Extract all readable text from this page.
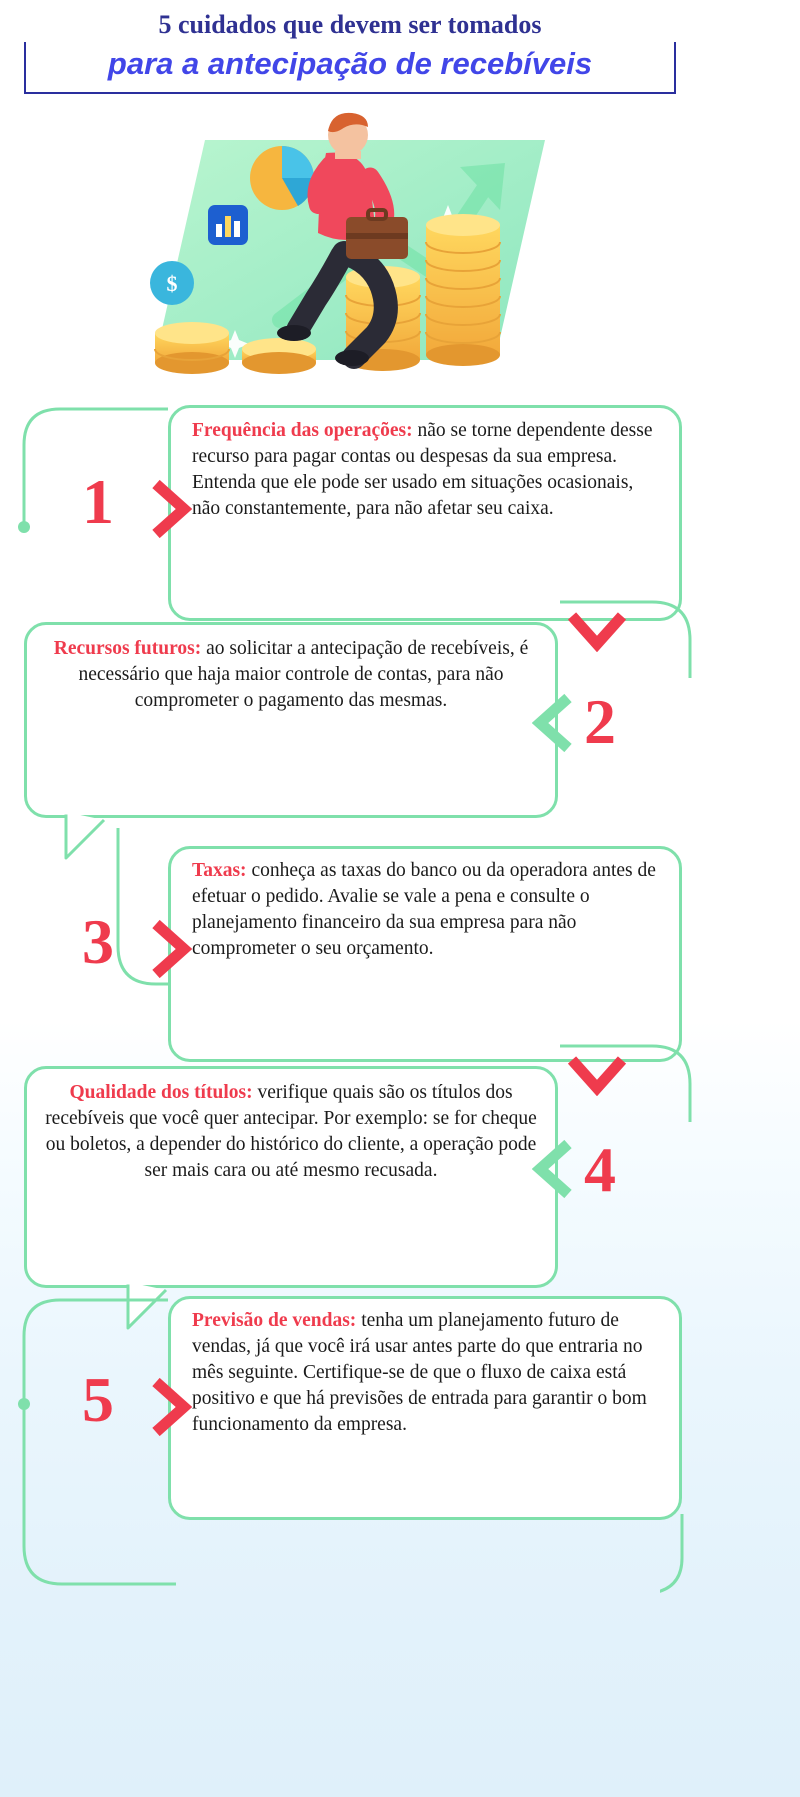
5 cuidados que devem ser tomados
para a antecipação de recebíveis
$
Frequência das operações: não se torne dependente desse recurso para pagar contas ou despesas da sua empresa. Entenda que ele pode ser usado em situações ocasionais, não constantemente, para não afetar seu caixa.
1
Recursos futuros: ao solicitar a antecipação de recebíveis, é necessário que haja maior controle de contas, para não comprometer o pagamento das mesmas.	2
Taxas: conheça as taxas do banco ou da operadora antes de efetuar o pedido. Avalie se vale a pena e consulte o planejamento financeiro da sua empresa para não comprometer o seu orçamento.
3
Qualidade dos títulos: verifique quais são os títulos dos recebíveis que você quer antecipar. Por exemplo: se for cheque ou boletos, a depender do histórico do cliente, a operação pode ser mais cara ou até mesmo recusada.	4
Previsão de vendas: tenha um planejamento futuro de vendas, já que você irá usar antes parte do que entraria no mês seguinte. Certifique-se de que o fluxo de caixa está positivo e que há previsões de entrada para garantir o bom funcionamento da empresa.
5
